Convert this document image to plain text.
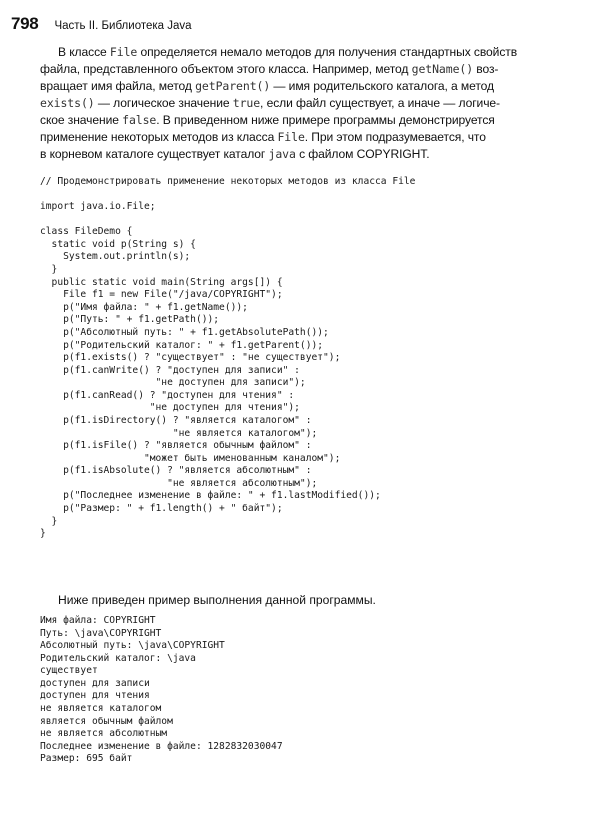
798 Часть II. Библиотека Java

В классе File определяется немало методов для получения стандартных свойств

файла, представленного объектом этого класса. Например, метод getName() воз-

вращает имя файла, метод getParent() — имя родительского каталога, а метод

exists() — логическое значение true, если файл существует, а иначе — логиче-

ское значение false. В приведенном ниже примере программы демонстрируется

применение некоторых методов из класса File. При этом подразумевается, что

в корневом каталоге существует каталог java с файлом COPYRIGHT.

// Продемонстрировать применение некоторых методов из класса File
import java.io.File;
class FileDemo {
static void p(String s) {
System.out.println(s);
}
public static void main(String args[]) {
File f1 = new File("/java/COPYRIGHT");
p("Имя файла: " + f1.getName());
p("Путь: " + f1.getPath());
p("Абсолютный путь: " + f1.getAbsolutePath());
p("Родительский каталог: " + f1.getParent());
p(f1.exists() ? "существует" : "не существует");
p(f1.canWrite() ? "доступен для записи" :
"не доступен для записи");
p(f1.canRead() ? "доступен для чтения" :
"не доступен для чтения");
p(f1.isDirectory() ? "является каталогом" :
"не является каталогом");
p(f1.isFile() ? "является обычным файлом" :
"может быть именованным каналом");
p(f1.isAbsolute() ? "является абсолютным" :
"не является абсолютным");
p("Последнее изменение в файле: " + f1.lastModified());
p("Размер: " + f1.length() + " байт");
}
}
Ниже приведен пример выполнения данной программы.
Имя файла: COPYRIGHT
Путь: \java\COPYRIGHT
Абсолютный путь: \java\COPYRIGHT
Родительский каталог: \java
существует
доступен для записи
доступен для чтения
не является каталогом
является обычным файлом
не является абсолютным
Последнее изменение в файле: 1282832030047
Размер: 695 байт
